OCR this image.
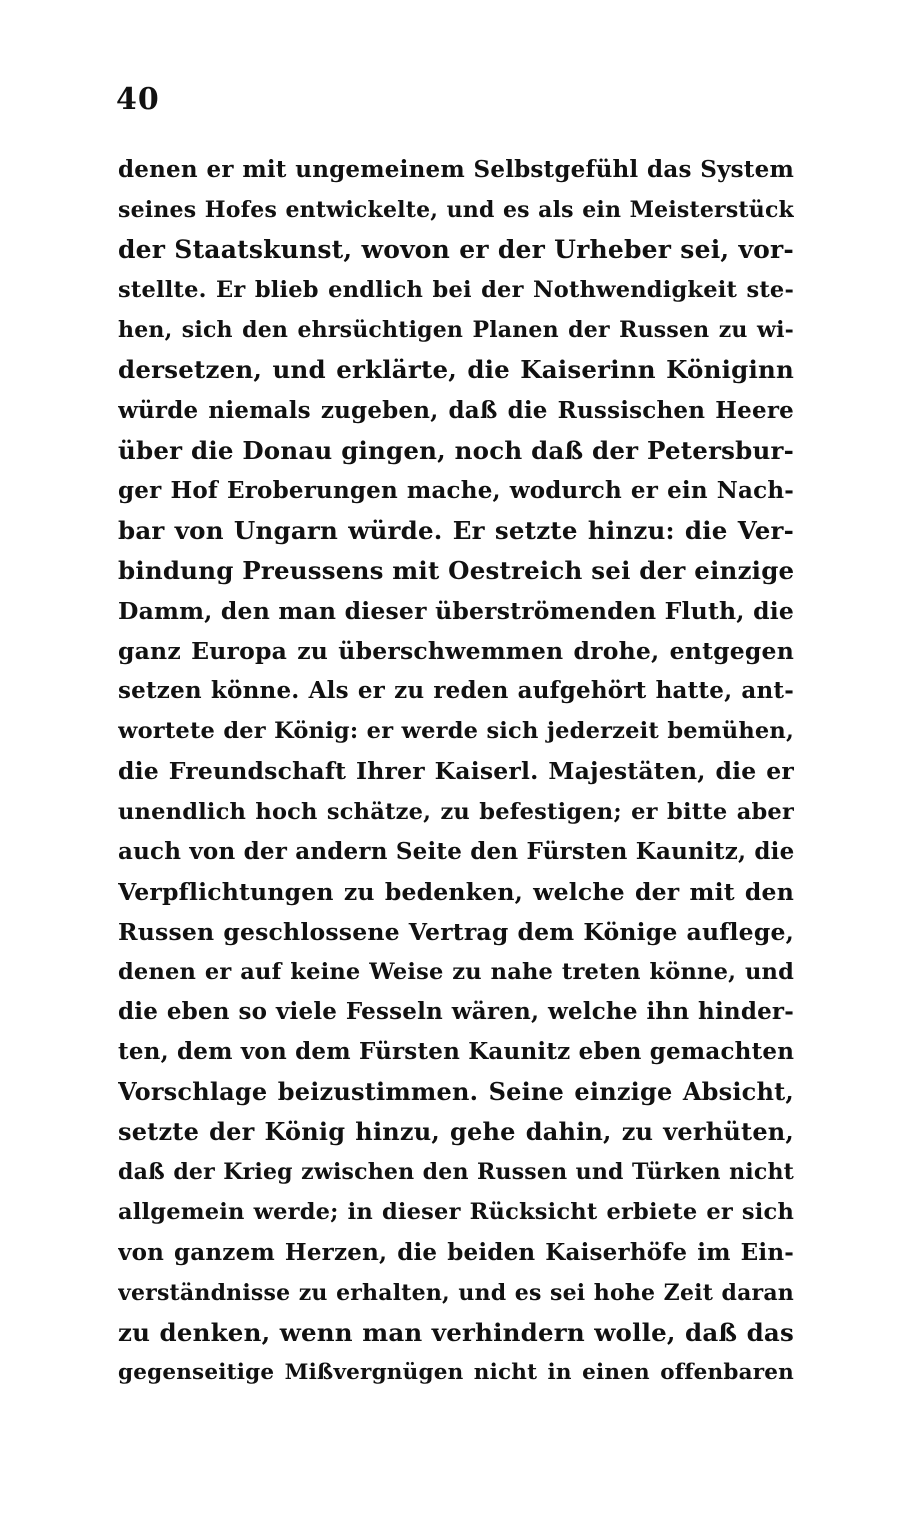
40
denen er mit ungemeinem Selbstgefühl das System
seines Hofes entwickelte, und es als ein Meisterstück
der Staatskunst, wovon er der Urheber sei, vor-
stellte. Er blieb endlich bei der Nothwendigkeit ste-
hen, sich den ehrsüchtigen Planen der Russen zu wi-
dersetzen, und erklärte, die Kaiserinn Königinn
würde niemals zugeben, daß die Russischen Heere
über die Donau gingen, noch daß der Petersbur-
ger Hof Eroberungen mache, wodurch er ein Nach-
bar von Ungarn würde. Er setzte hinzu: die Ver-
bindung Preussens mit Oestreich sei der einzige
Damm, den man dieser überströmenden Fluth, die
ganz Europa zu überschwemmen drohe, entgegen
setzen könne. Als er zu reden aufgehört hatte, ant-
wortete der König: er werde sich jederzeit bemühen,
die Freundschaft Ihrer Kaiserl. Majestäten, die er
unendlich hoch schätze, zu befestigen; er bitte aber
auch von der andern Seite den Fürsten Kaunitz, die
Verpflichtungen zu bedenken, welche der mit den
Russen geschlossene Vertrag dem Könige auflege,
denen er auf keine Weise zu nahe treten könne, und
die eben so viele Fesseln wären, welche ihn hinder-
ten, dem von dem Fürsten Kaunitz eben gemachten
Vorschlage beizustimmen. Seine einzige Absicht,
setzte der König hinzu, gehe dahin, zu verhüten,
daß der Krieg zwischen den Russen und Türken nicht
allgemein werde; in dieser Rücksicht erbiete er sich
von ganzem Herzen, die beiden Kaiserhöfe im Ein-
verständnisse zu erhalten, und es sei hohe Zeit daran
zu denken, wenn man verhindern wolle, daß das
gegenseitige Mißvergnügen nicht in einen offenbaren
